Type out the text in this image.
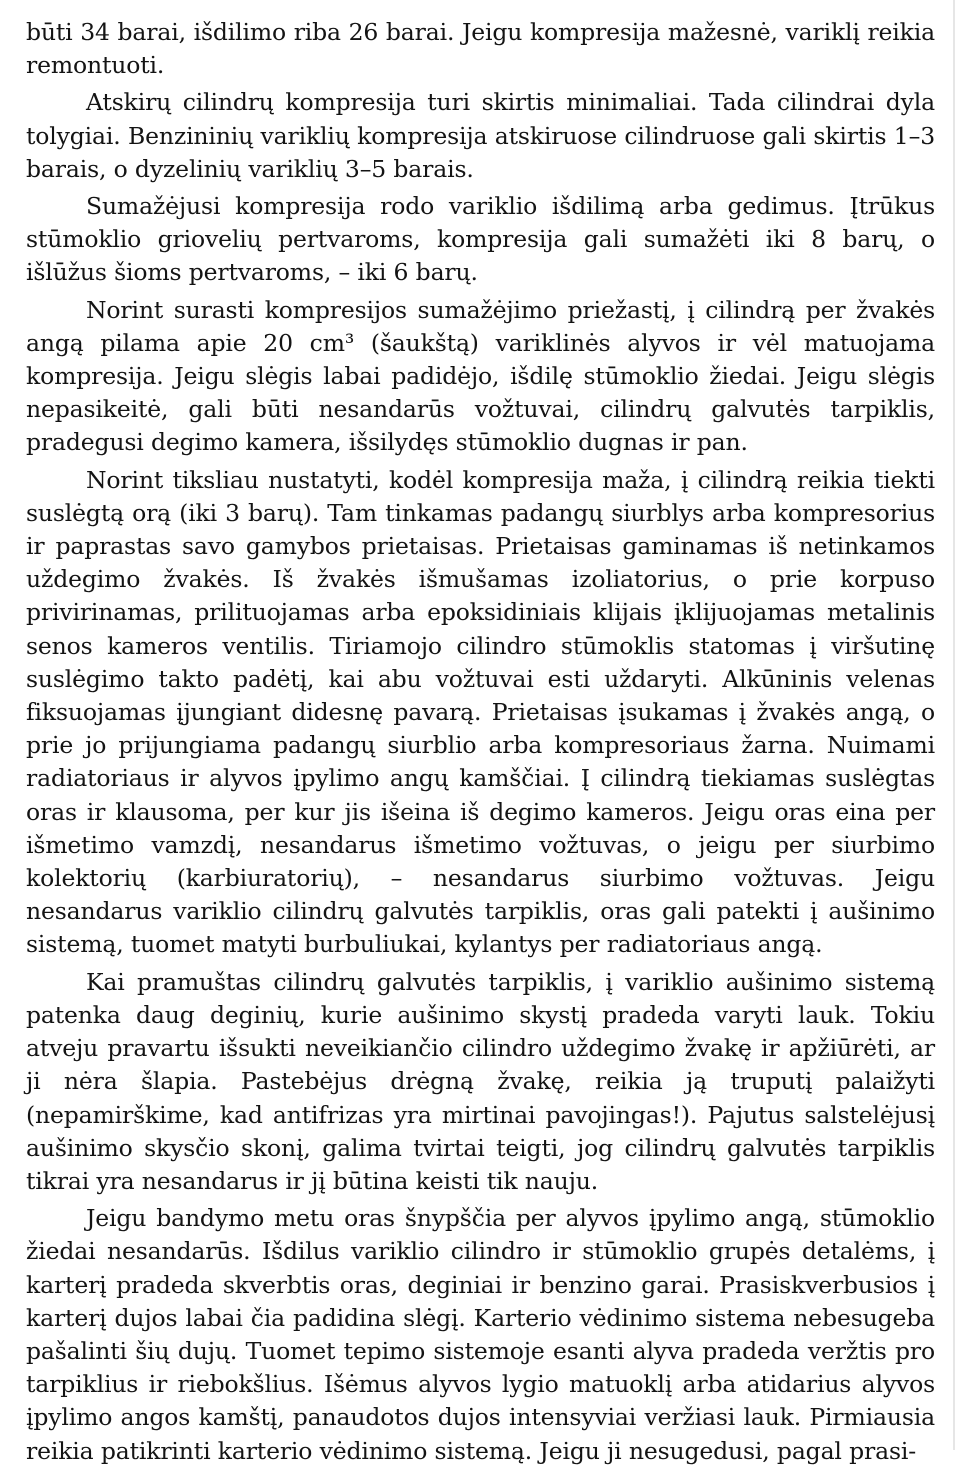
būti 34 barai, išdilimo riba 26 barai. Jeigu kompresija mažesnė, variklį reikia remontuoti.

Atskirų cilindrų kompresija turi skirtis minimaliai. Tada cilindrai dyla tolygiai. Benzininių variklių kompresija atskiruose cilindruose gali skirtis 1–3 barais, o dyzelinių variklių 3–5 barais.

Sumažėjusi kompresija rodo variklio išdilimą arba gedimus. Įtrūkus stūmoklio griovelių pertvaroms, kompresija gali sumažėti iki 8 barų, o išlūžus šioms pertvaroms, – iki 6 barų.

Norint surasti kompresijos sumažėjimo priežastį, į cilindrą per žvakės angą pilama apie 20 cm³ (šaukštą) variklinės alyvos ir vėl matuojama kompresija. Jeigu slėgis labai padidėjo, išdilę stūmoklio žiedai. Jeigu slėgis nepasikeitė, gali būti nesandarūs vožtuvai, cilindrų galvutės tarpiklis, pradegusi degimo kamera, išsilydęs stūmoklio dugnas ir pan.

Norint tiksliau nustatyti, kodėl kompresija maža, į cilindrą reikia tiekti suslėgtą orą (iki 3 barų). Tam tinkamas padangų siurblys arba kompresorius ir paprastas savo gamybos prietaisas. Prietaisas gaminamas iš netinkamos uždegimo žvakės. Iš žvakės išmušamas izoliatorius, o prie korpuso privirinamas, prilituojamas arba epoksidiniais klijais įklijuojamas metalinis senos kameros ventilis. Tiriamojo cilindro stūmoklis statomas į viršutinę suslėgimo takto padėtį, kai abu vožtuvai esti uždaryti. Alkūninis velenas fiksuojamas įjungiant didesnę pavarą. Prietaisas įsukamas į žvakės angą, o prie jo prijungiama padangų siurblio arba kompresoriaus žarna. Nuimami radiatoriaus ir alyvos įpylimo angų kamščiai. Į cilindrą tiekiamas suslėgtas oras ir klausoma, per kur jis išeina iš degimo kameros. Jeigu oras eina per išmetimo vamzdį, nesandarus išmetimo vožtuvas, o jeigu per siurbimo kolektorių (karbiuratorių), – nesandarus siurbimo vožtuvas. Jeigu nesandarus variklio cilindrų galvutės tarpiklis, oras gali patekti į aušinimo sistemą, tuomet matyti burbuliukai, kylantys per radiatoriaus angą.

Kai pramuštas cilindrų galvutės tarpiklis, į variklio aušinimo sistemą patenka daug deginių, kurie aušinimo skystį pradeda varyti lauk. Tokiu atveju pravartu išsukti neveikiančio cilindro uždegimo žvakę ir apžiūrėti, ar ji nėra šlapia. Pastebėjus drėgną žvakę, reikia ją truputį palaižyti (nepamirškime, kad antifrizas yra mirtinai pavojingas!). Pajutus salstelėjusį aušinimo skysčio skonį, galima tvirtai teigti, jog cilindrų galvutės tarpiklis tikrai yra nesandarus ir jį būtina keisti tik nauju.

Jeigu bandymo metu oras šnypščia per alyvos įpylimo angą, stūmoklio žiedai nesandarūs. Išdilus variklio cilindro ir stūmoklio grupės detalėms, į karterį pradeda skverbtis oras, deginiai ir benzino garai. Prasiskverbusios į karterį dujos labai čia padidina slėgį. Karterio vėdinimo sistema nebesugeba pašalinti šių dujų. Tuomet tepimo sistemoje esanti alyva pradeda veržtis pro tarpiklius ir riebokšlius. Išėmus alyvos lygio matuoklį arba atidarius alyvos įpylimo angos kamštį, panaudotos dujos intensyviai veržiasi lauk. Pirmiausia reikia patikrinti karterio vėdinimo sistemą. Jeigu ji nesugedusi, pagal prasi-
